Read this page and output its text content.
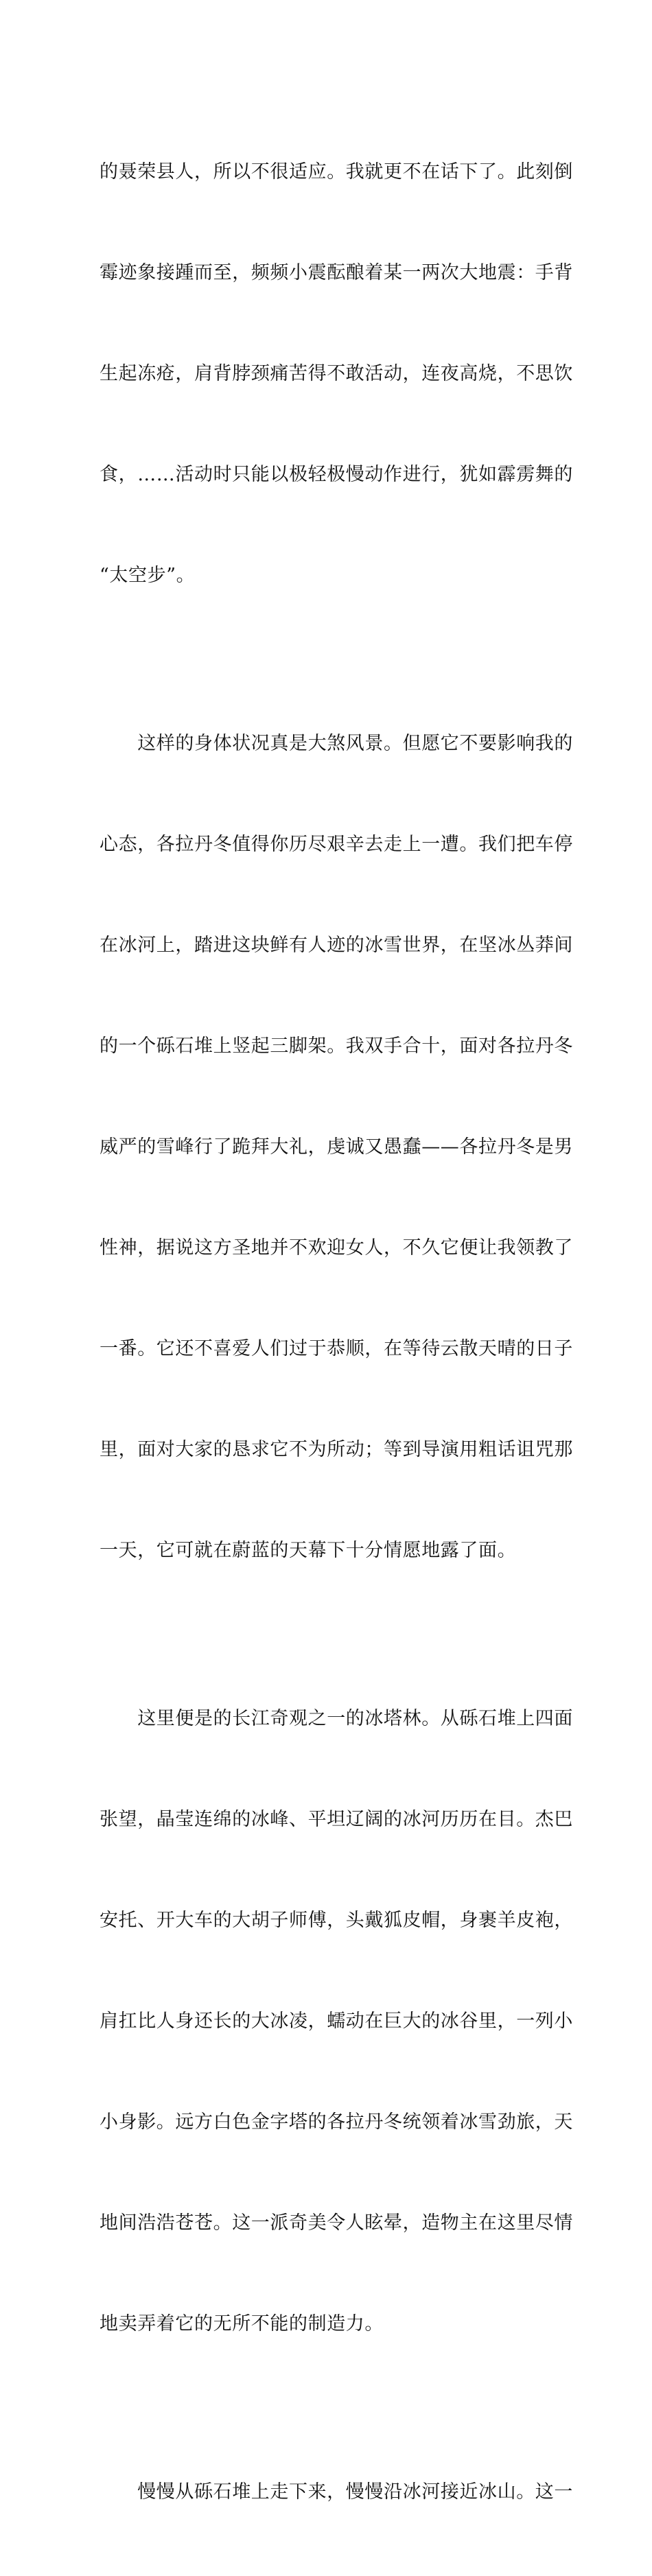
的聂荣县人，所以不很适应。我就更不在话下了。此刻倒

霉迹象接踵而至，频频小震酝酿着某一两次大地震：手背

生起冻疮，肩背脖颈痛苦得不敢活动，连夜高烧，不思饮

食，……活动时只能以极轻极慢动作进行，犹如霹雳舞的

“太空步”。

　　这样的身体状况真是大煞风景。但愿它不要影响我的

心态，各拉丹冬值得你历尽艰辛去走上一遭。我们把车停

在冰河上，踏进这块鲜有人迹的冰雪世界，在坚冰丛莽间

的一个砾石堆上竖起三脚架。我双手合十，面对各拉丹冬

威严的雪峰行了跪拜大礼，虔诚又愚蠢——各拉丹冬是男

性神，据说这方圣地并不欢迎女人，不久它便让我领教了

一番。它还不喜爱人们过于恭顺，在等待云散天晴的日子

里，面对大家的恳求它不为所动；等到导演用粗话诅咒那

一天，它可就在蔚蓝的天幕下十分情愿地露了面。

　　这里便是的长江奇观之一的冰塔林。从砾石堆上四面

张望，晶莹连绵的冰峰、平坦辽阔的冰河历历在目。杰巴

安托、开大车的大胡子师傅，头戴狐皮帽，身裹羊皮袍，

肩扛比人身还长的大冰凌，蠕动在巨大的冰谷里，一列小

小身影。远方白色金字塔的各拉丹冬统领着冰雪劲旅，天

地间浩浩苍苍。这一派奇美令人眩晕，造物主在这里尽情

地卖弄着它的无所不能的制造力。

　　慢慢从砾石堆上走下来，慢慢沿冰河接近冰山。这一
